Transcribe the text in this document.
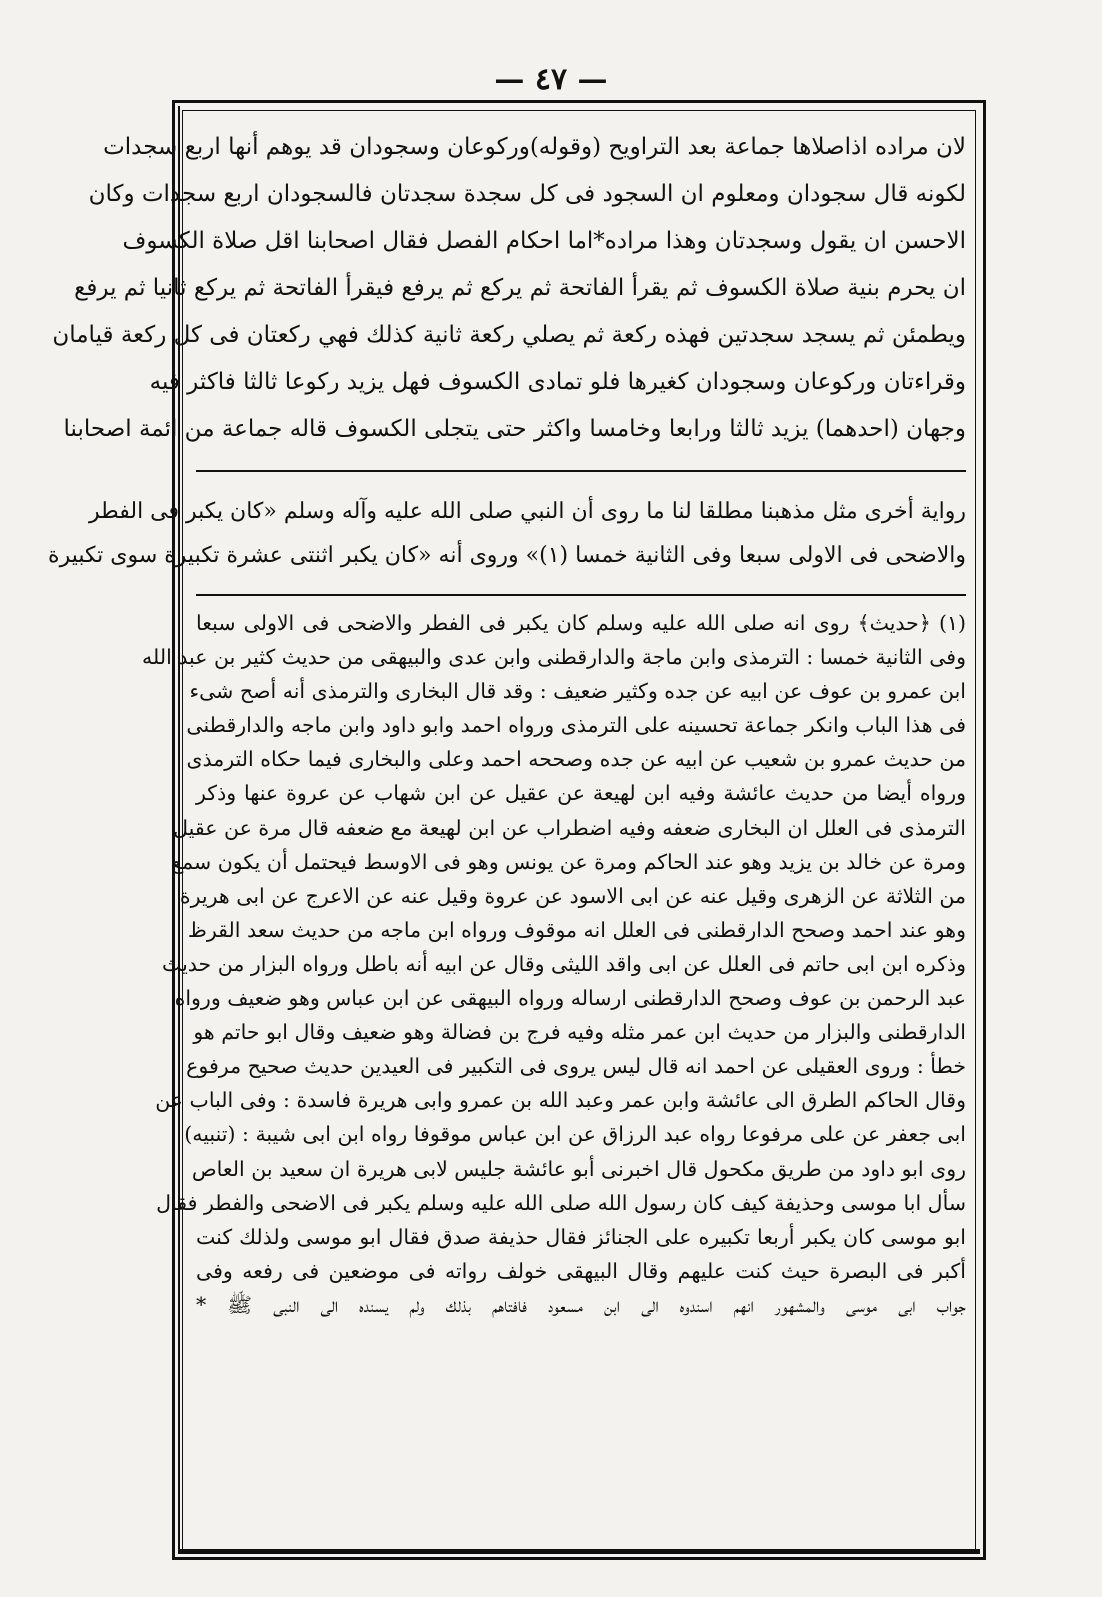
— ٤٧ —
لان مراده اذاصلاها جماعة بعد التراويح (وقوله)وركوعان وسجودان قد يوهم أنها اربع سجدات
لكونه قال سجودان ومعلوم ان السجود فى كل سجدة سجدتان فالسجودان اربع سجدات وكان
الاحسن ان يقول وسجدتان وهذا مراده*اما احكام الفصل فقال اصحابنا اقل صلاة الكسوف
ان يحرم بنية صلاة الكسوف ثم يقرأ الفاتحة ثم يركع ثم يرفع فيقرأ الفاتحة ثم يركع ثانيا ثم يرفع
ويطمئن ثم يسجد سجدتين فهذه ركعة ثم يصلي ركعة ثانية كذلك فهي ركعتان فى كل ركعة قيامان
وقراءتان وركوعان وسجودان كغيرها فلو تمادى الكسوف فهل يزيد ركوعا ثالثا فاكثر فيه
وجهان (احدهما) يزيد ثالثا ورابعا وخامسا واكثر حتى يتجلى الكسوف قاله جماعة من ائمة اصحابنا
رواية أخرى مثل مذهبنا مطلقا لنا ما روى أن النبي صلى الله عليه وآله وسلم «كان يكبر فى الفطر
والاضحى فى الاولى سبعا وفى الثانية خمسا (١)» وروى أنه «كان يكبر اثنتى عشرة تكبيرة سوى تكبيرة
(١) ﴿حديث﴾ روى انه صلى الله عليه وسلم كان يكبر فى الفطر والاضحى فى الاولى سبعا
وفى الثانية خمسا : الترمذى وابن ماجة والدارقطنى وابن عدى والبيهقى من حديث كثير بن عبد الله
ابن عمرو بن عوف عن ابيه عن جده وكثير ضعيف : وقد قال البخارى والترمذى أنه أصح شىء
فى هذا الباب وانكر جماعة تحسينه على الترمذى ورواه احمد وابو داود وابن ماجه والدارقطنى
من حديث عمرو بن شعيب عن ابيه عن جده وصححه احمد وعلى والبخارى فيما حكاه الترمذى
ورواه أيضا من حديث عائشة وفيه ابن لهيعة عن عقيل عن ابن شهاب عن عروة عنها وذكر
الترمذى فى العلل ان البخارى ضعفه وفيه اضطراب عن ابن لهيعة مع ضعفه قال مرة عن عقيل
ومرة عن خالد بن يزيد وهو عند الحاكم ومرة عن يونس وهو فى الاوسط فيحتمل أن يكون سمع
من الثلاثة عن الزهرى وقيل عنه عن ابى الاسود عن عروة وقيل عنه عن الاعرج عن ابى هريرة
وهو عند احمد وصحح الدارقطنى فى العلل انه موقوف ورواه ابن ماجه من حديث سعد القرظ
وذكره ابن ابى حاتم فى العلل عن ابى واقد الليثى وقال عن ابيه أنه باطل ورواه البزار من حديث
عبد الرحمن بن عوف وصحح الدارقطنى ارساله ورواه البيهقى عن ابن عباس وهو ضعيف ورواه
الدارقطنى والبزار من حديث ابن عمر مثله وفيه فرج بن فضالة وهو ضعيف وقال ابو حاتم هو
خطأ : وروى العقيلى عن احمد انه قال ليس يروى فى التكبير فى العيدين حديث صحيح مرفوع
وقال الحاكم الطرق الى عائشة وابن عمر وعبد الله بن عمرو وابى هريرة فاسدة : وفى الباب عن
ابى جعفر عن على مرفوعا رواه عبد الرزاق عن ابن عباس موقوفا رواه ابن ابى شيبة : (تنبيه)
روى ابو داود من طريق مكحول قال اخبرنى أبو عائشة جليس لابى هريرة ان سعيد بن العاص
سأل ابا موسى وحذيفة كيف كان رسول الله صلى الله عليه وسلم يكبر فى الاضحى والفطر فقال
ابو موسى كان يكبر أربعا تكبيره على الجنائز فقال حذيفة صدق فقال ابو موسى ولذلك كنت
أكبر فى البصرة حيث كنت عليهم وقال البيهقى خولف رواته فى موضعين فى رفعه وفى
جواب ابى موسى والمشهور انهم اسندوه الى ابن مسعود فافتاهم بذلك ولم يسنده الى النبى ﷺ *
